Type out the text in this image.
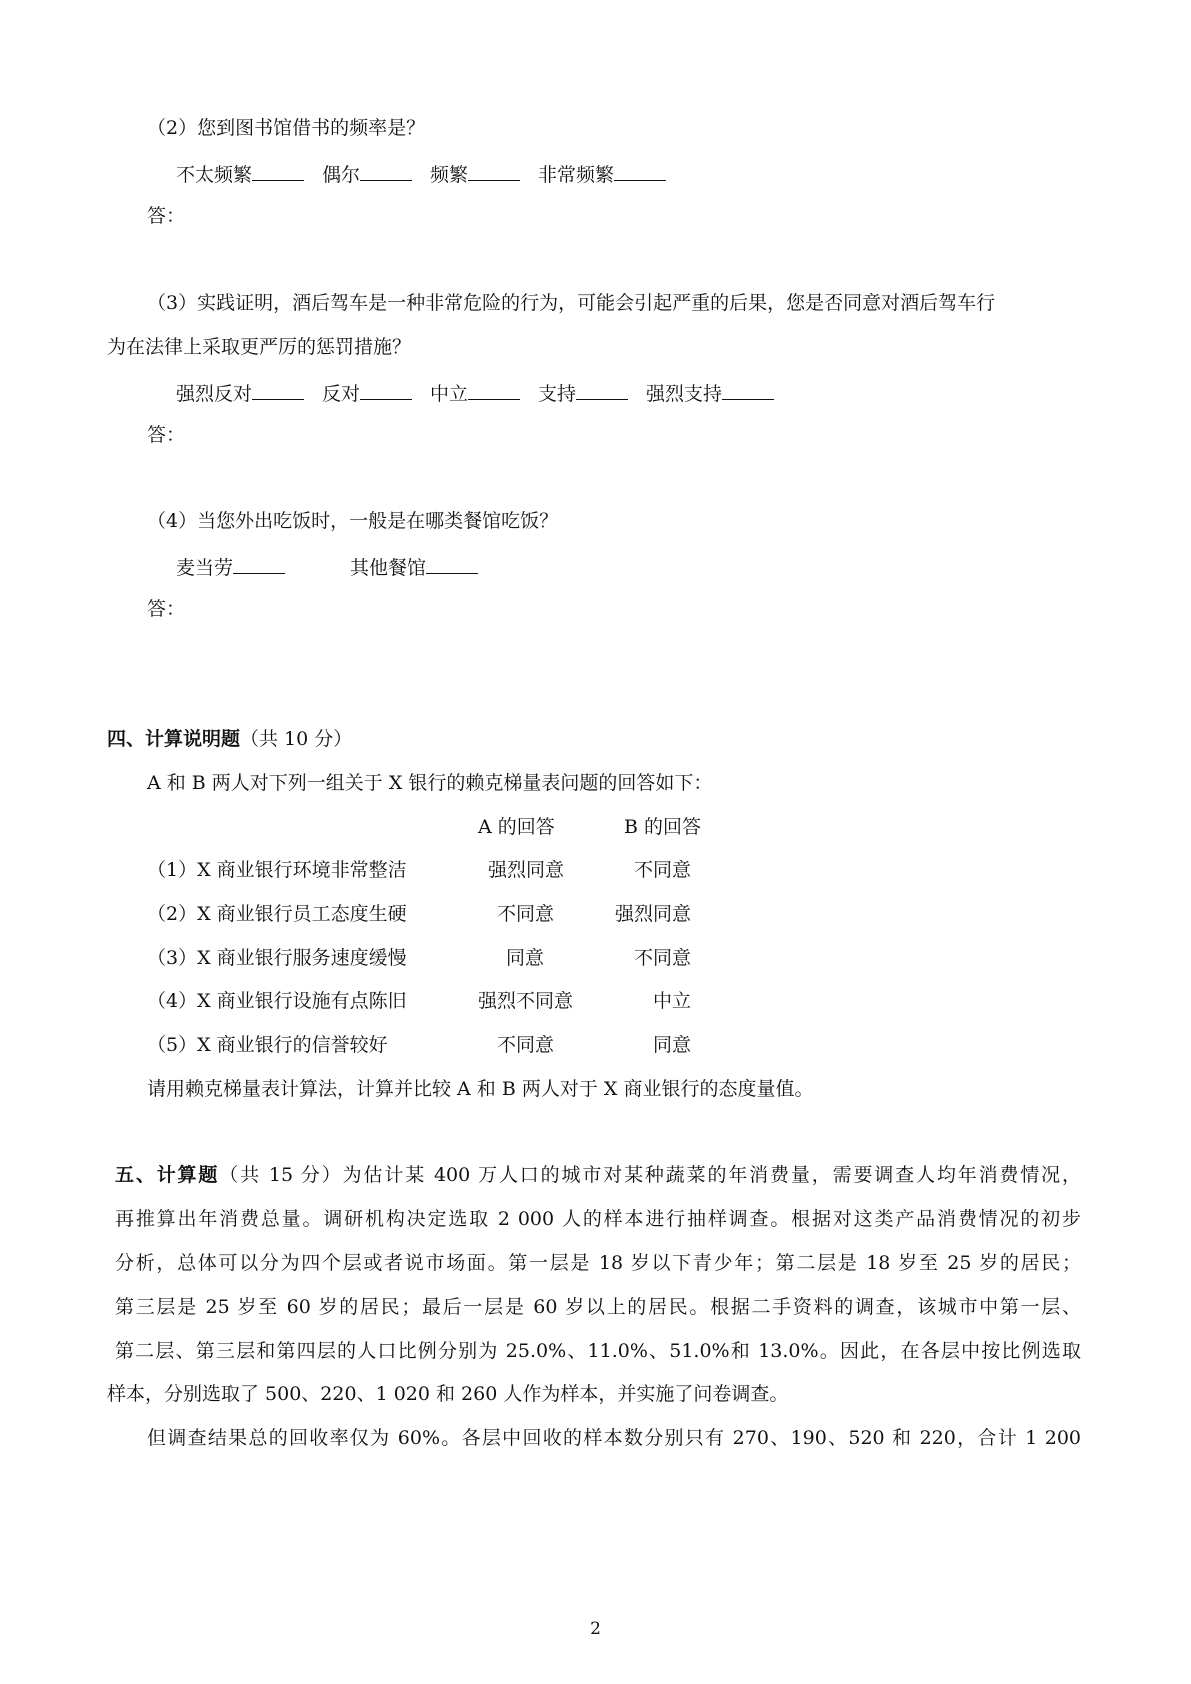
（2）您到图书馆借书的频率是？
不太频繁	偶尔	频繁	非常频繁
答：
（3）实践证明，酒后驾车是一种非常危险的行为，可能会引起严重的后果，您是否同意对酒后驾车行
为在法律上采取更严厉的惩罚措施？
强烈反对	反对	中立	支持	强烈支持
答：
（4）当您外出吃饭时，一般是在哪类餐馆吃饭？
麦当劳	其他餐馆
答：
四、计算说明题（共 10 分）
A 和 B 两人对下列一组关于 X 银行的赖克梯量表问题的回答如下：
A 的回答	B 的回答
（1）X 商业银行环境非常整洁	强烈同意	不同意
（2）X 商业银行员工态度生硬	不同意	强烈同意
（3）X 商业银行服务速度缓慢	同意	不同意
（4）X 商业银行设施有点陈旧	强烈不同意	中立
（5）X 商业银行的信誉较好	不同意	同意
请用赖克梯量表计算法，计算并比较 A 和 B 两人对于 X 商业银行的态度量值。
五、计算题（共 15 分）为估计某 400 万人口的城市对某种蔬菜的年消费量，需要调查人均年消费情况，
再推算出年消费总量。调研机构决定选取 2 000 人的样本进行抽样调查。根据对这类产品消费情况的初步
分析，总体可以分为四个层或者说市场面。第一层是 18 岁以下青少年；第二层是 18 岁至 25 岁的居民；
第三层是 25 岁至 60 岁的居民；最后一层是 60 岁以上的居民。根据二手资料的调查，该城市中第一层、
第二层、第三层和第四层的人口比例分别为 25.0%、11.0%、51.0%和 13.0%。因此，在各层中按比例选取
样本，分别选取了 500、220、1 020 和 260 人作为样本，并实施了问卷调查。
但调查结果总的回收率仅为 60%。各层中回收的样本数分别只有 270、190、520 和 220，合计 1 200
2
